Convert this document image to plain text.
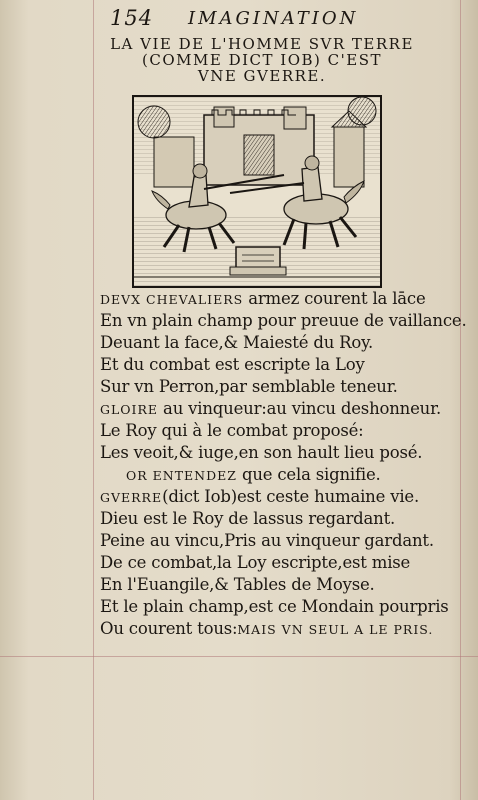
154 IMAGINATION
LA VIE DE L'HOMME SVR TERRE
(COMME DICT IOB) C'EST
VNE GVERRE.
DEVX CHEVALIERS armez courent la lāce
En vn plain champ pour preuue de vaillance.
Deuant la face,& Maiesté du Roy.
Et du combat est escripte la Loy
Sur vn Perron,par semblable teneur.
GLOIRE au vinqueur:au vincu deshonneur.
Le Roy qui à le combat proposé:
Les veoit,& iuge,en son hault lieu posé.
OR ENTENDEZ que cela signifie.
GVERRE(dict Iob)est ceste humaine vie.
Dieu est le Roy de lassus regardant.
Peine au vincu,Pris au vinqueur gardant.
De ce combat,la Loy escripte,est mise
En l'Euangile,& Tables de Moyse.
Et le plain champ,est ce Mondain pourpris
Ou courent tous:MAIS VN SEUL A LE PRIS.
